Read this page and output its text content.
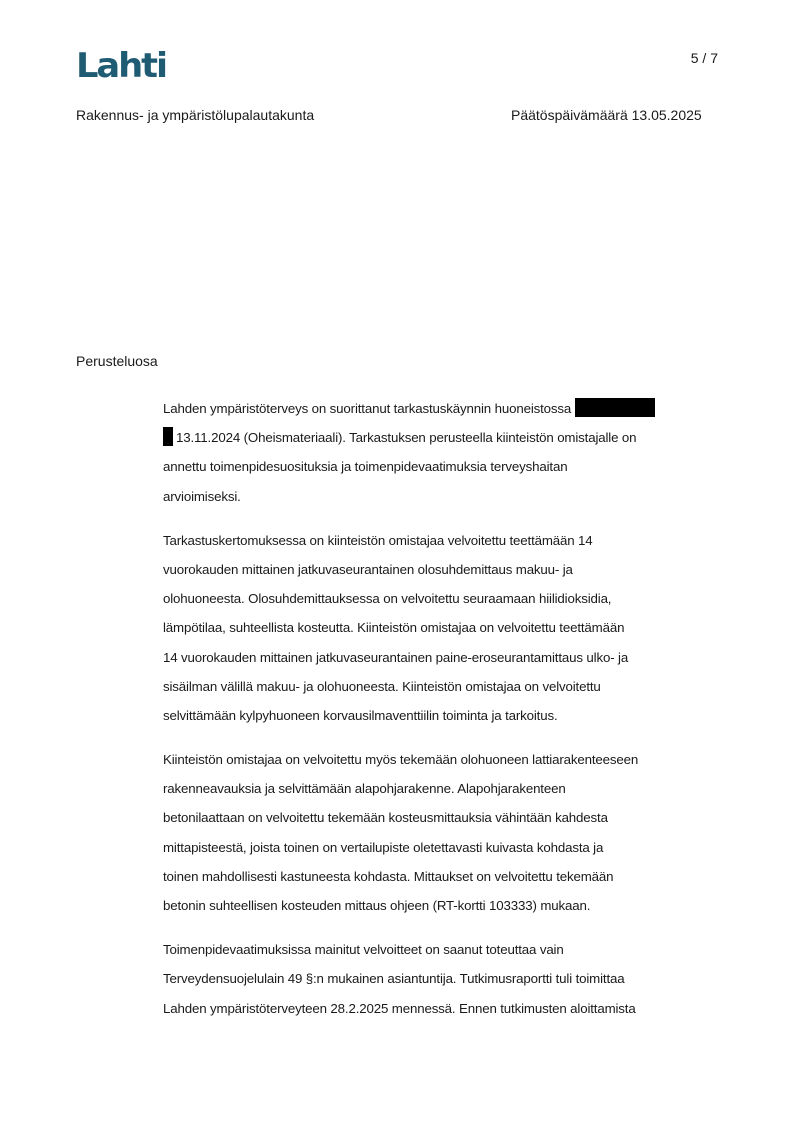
Lahti	5 / 7
Rakennus- ja ympäristölupalautakunta	Päätöspäivämäärä 13.05.2025
Perusteluosa
Lahden ympäristöterveys on suorittanut tarkastuskäynnin huoneistossa
13.11.2024 (Oheismateriaali). Tarkastuksen perusteella kiinteistön omistajalle on
annettu toimenpidesuosituksia ja toimenpidevaatimuksia terveyshaitan
arvioimiseksi.
Tarkastuskertomuksessa on kiinteistön omistajaa velvoitettu teettämään 14
vuorokauden mittainen jatkuvaseurantainen olosuhdemittaus makuu- ja
olohuoneesta. Olosuhdemittauksessa on velvoitettu seuraamaan hiilidioksidia,
lämpötilaa, suhteellista kosteutta. Kiinteistön omistajaa on velvoitettu teettämään
14 vuorokauden mittainen jatkuvaseurantainen paine-eroseurantamittaus ulko- ja
sisäilman välillä makuu- ja olohuoneesta. Kiinteistön omistajaa on velvoitettu
selvittämään kylpyhuoneen korvausilmaventtiilin toiminta ja tarkoitus.
Kiinteistön omistajaa on velvoitettu myös tekemään olohuoneen lattiarakenteeseen
rakenneavauksia ja selvittämään alapohjarakenne. Alapohjarakenteen
betonilaattaan on velvoitettu tekemään kosteusmittauksia vähintään kahdesta
mittapisteestä, joista toinen on vertailupiste oletettavasti kuivasta kohdasta ja
toinen mahdollisesti kastuneesta kohdasta. Mittaukset on velvoitettu tekemään
betonin suhteellisen kosteuden mittaus ohjeen (RT-kortti 103333) mukaan.
Toimenpidevaatimuksissa mainitut velvoitteet on saanut toteuttaa vain
Terveydensuojelulain 49 §:n mukainen asiantuntija. Tutkimusraportti tuli toimittaa
Lahden ympäristöterveyteen 28.2.2025 mennessä. Ennen tutkimusten aloittamista
